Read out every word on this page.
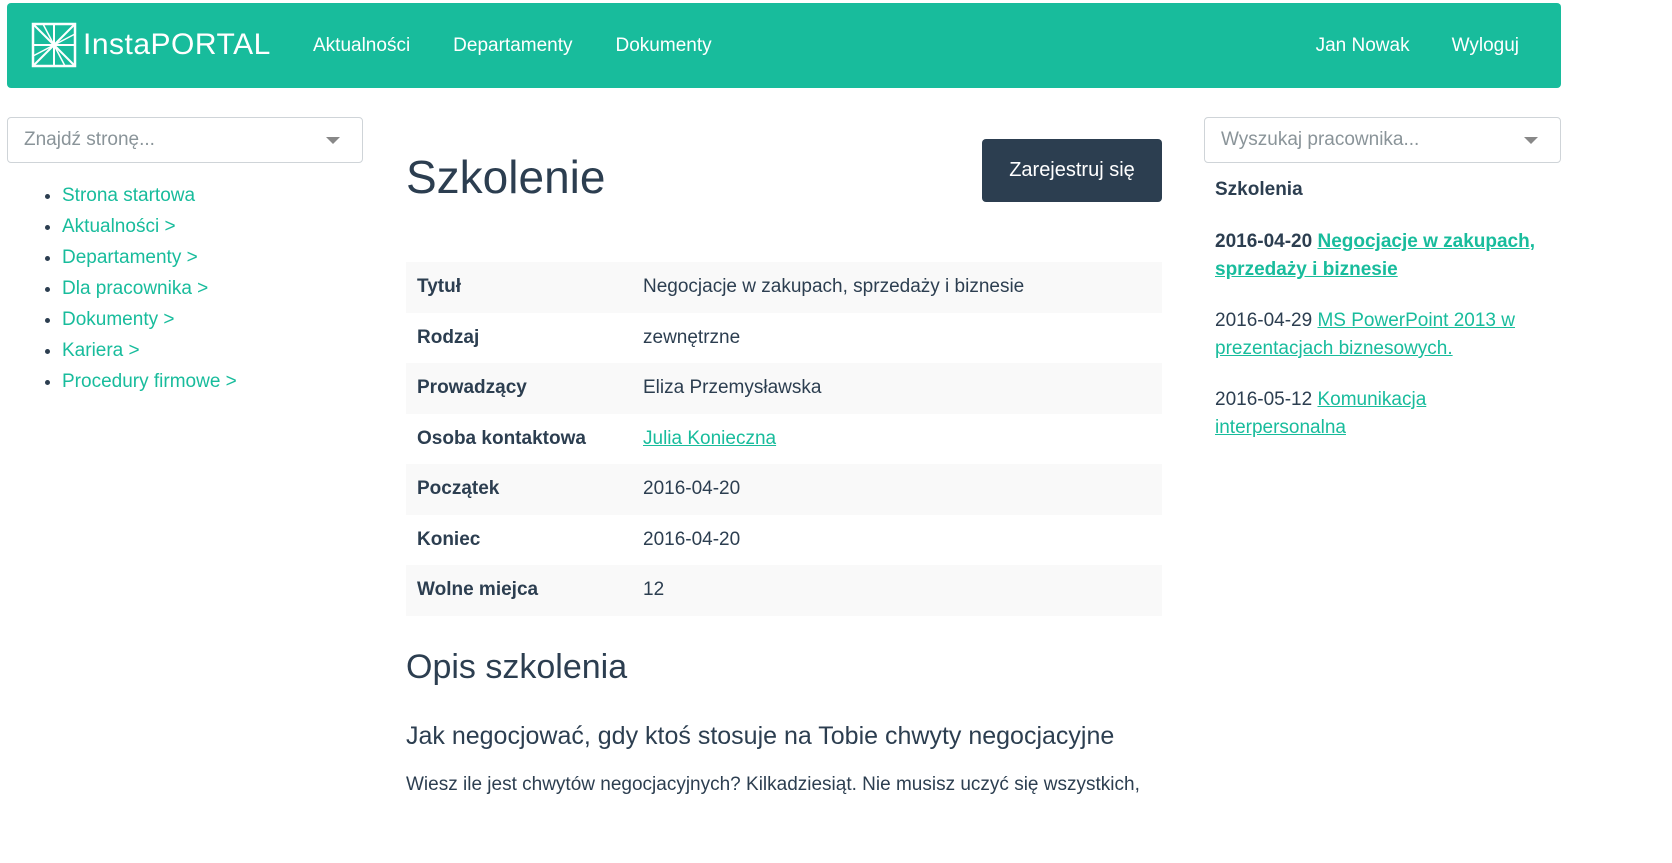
InstaPORTAL Aktualności Departamenty Dokumenty	Jan Nowak Wyloguj
Znajdź stronę...
• Strona startowa
• Aktualności >
• Departamenty >
• Dla pracownika >
• Dokumenty >
• Kariera >
• Procedury firmowe >
Szkolenie	Zarejestruj się
Tytuł	Negocjacje w zakupach, sprzedaży i biznesie
Rodzaj	zewnętrzne
Prowadzący	Eliza Przemysławska
Osoba kontaktowa	Julia Konieczna
Początek	2016-04-20
Koniec	2016-04-20
Wolne miejca	12
Opis szkolenia
Jak negocjować, gdy ktoś stosuje na Tobie chwyty negocjacyjne

Wiesz ile jest chwytów negocjacyjnych? Kilkadziesiąt. Nie musisz uczyć się wszystkich,

Wyszukaj pracownika...
Szkolenia
2016-04-20 Negocjacje w zakupach, sprzedaży i biznesie
2016-04-29 MS PowerPoint 2013 w prezentacjach biznesowych.
2016-05-12 Komunikacja interpersonalna
